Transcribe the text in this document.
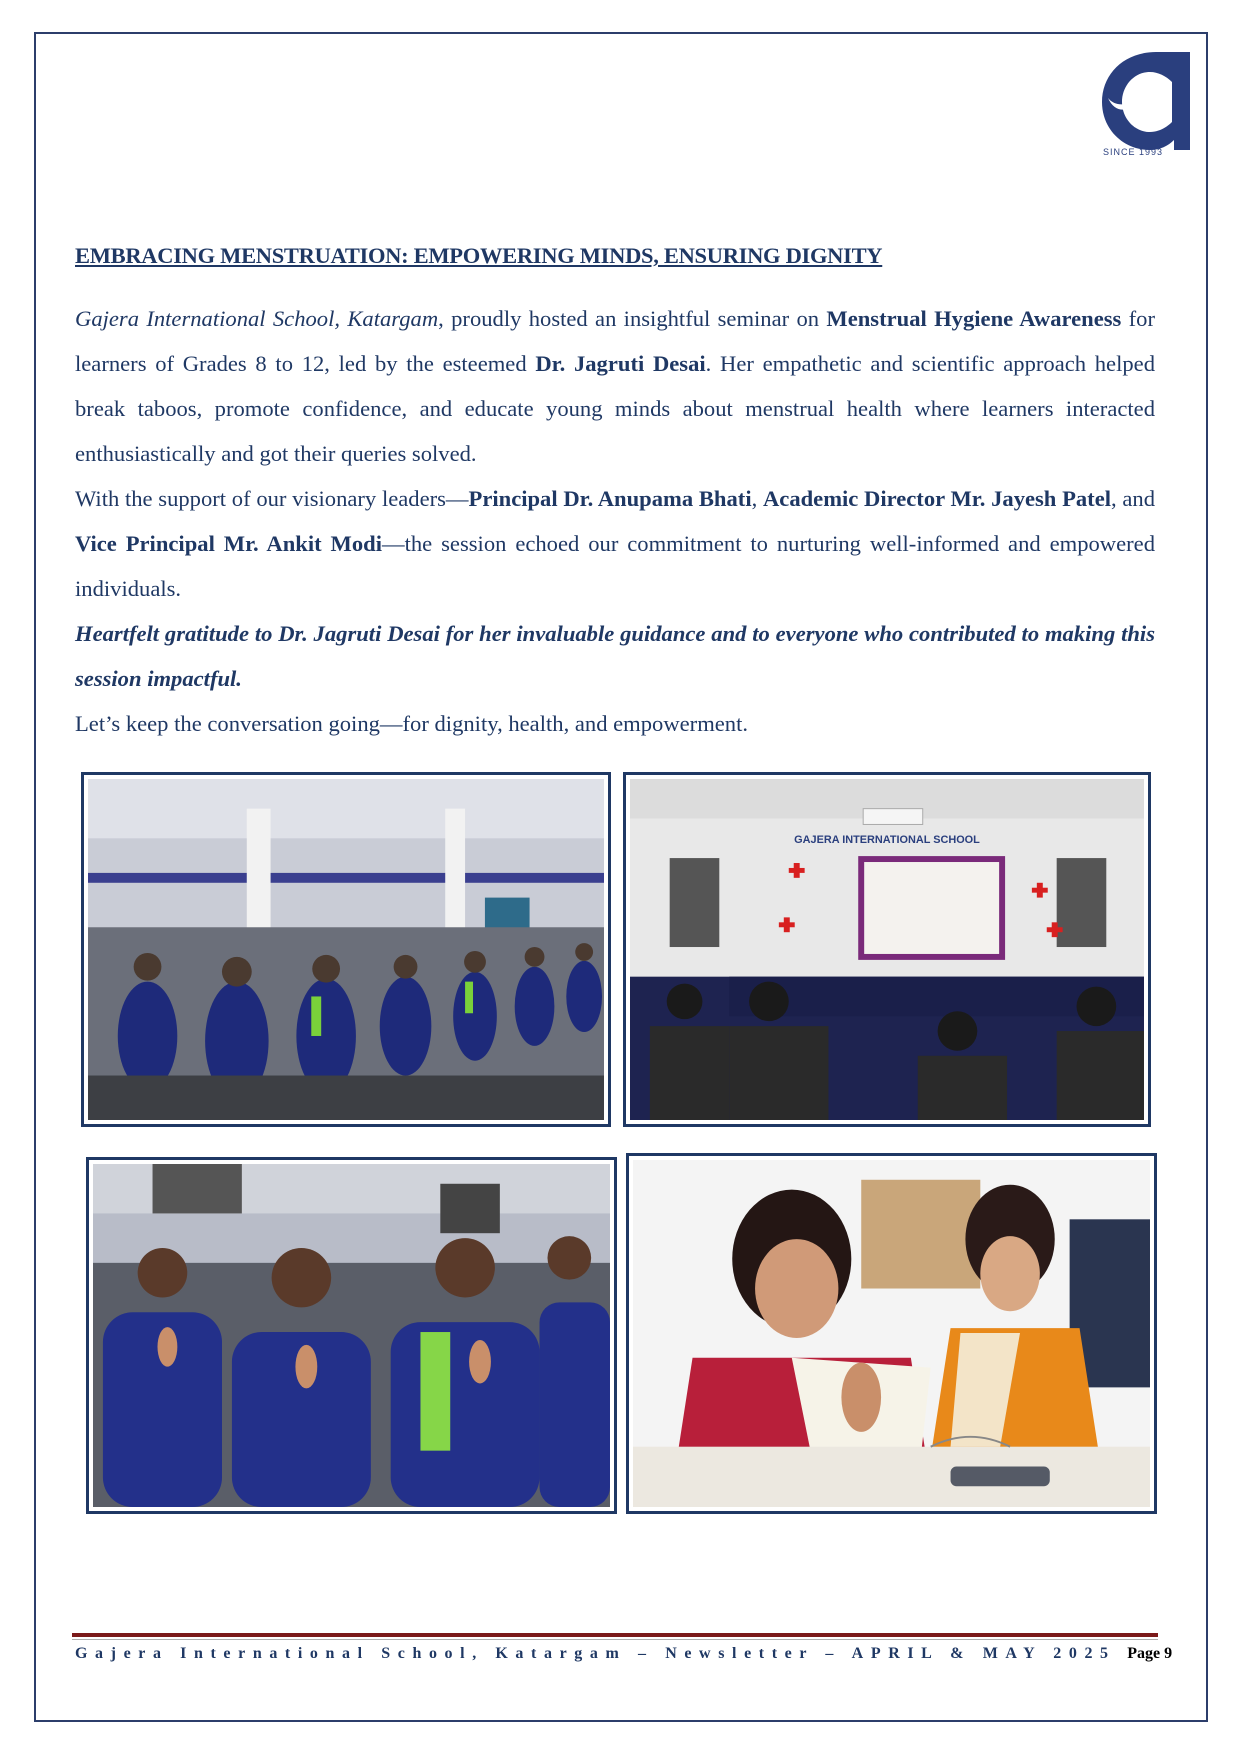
SINCE 1993
EMBRACING MENSTRUATION: EMPOWERING MINDS, ENSURING DIGNITY

Gajera International School, Katargam, proudly hosted an insightful seminar on Menstrual Hygiene Awareness for learners of Grades 8 to 12, led by the esteemed Dr. Jagruti Desai. Her empathetic and scientific approach helped break taboos, promote confidence, and educate young minds about menstrual health where learners interacted enthusiastically and got their queries solved.

With the support of our visionary leaders—Principal Dr. Anupama Bhati, Academic Director Mr. Jayesh Patel, and Vice Principal Mr. Ankit Modi—the session echoed our commitment to nurturing well-informed and empowered individuals.

Heartfelt gratitude to Dr. Jagruti Desai for her invaluable guidance and to everyone who contributed to making this session impactful.

Let’s keep the conversation going—for dignity, health, and empowerment.

GAJERA INTERNATIONAL SCHOOL
Gajera International School, Katargam – Newsletter – APRIL & MAY 2025 Page 9
